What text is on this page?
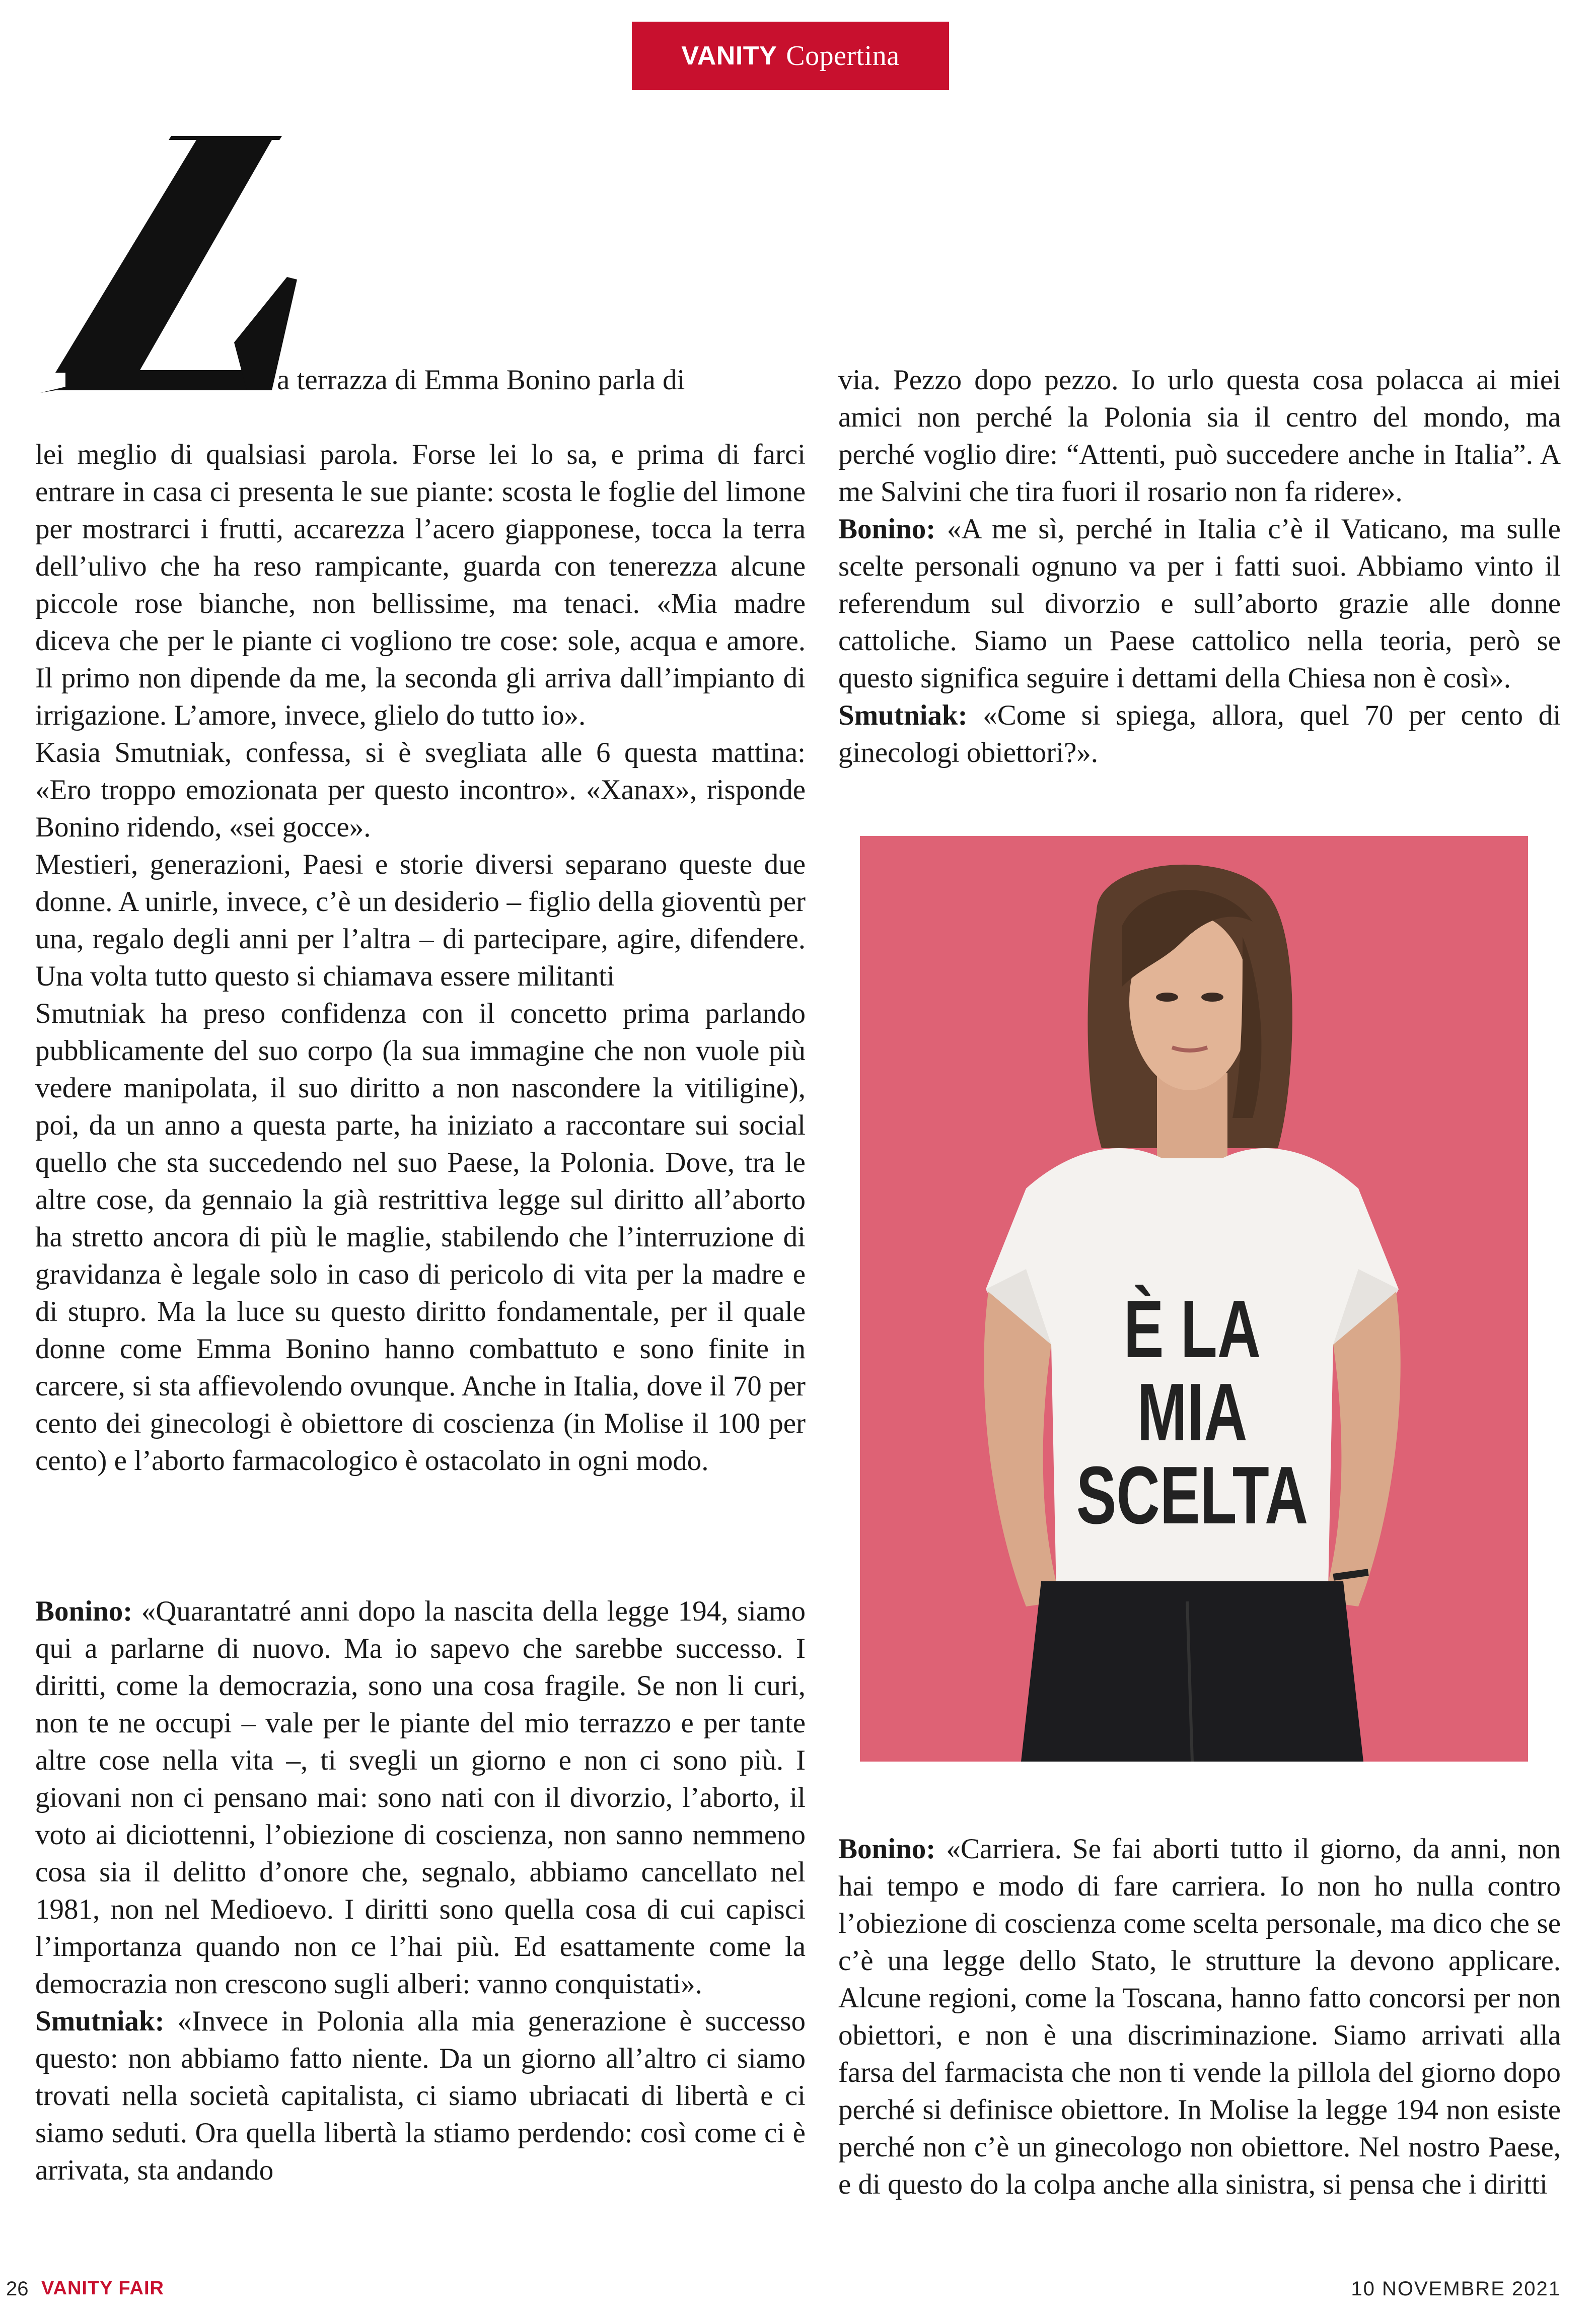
VANITY Copertina

a terrazza di Emma Bonino parla di

lei meglio di qualsiasi parola. Forse lei lo sa, e prima di farci entrare in casa ci presenta le sue piante: scosta le foglie del limone per mostrarci i frutti, accarezza l’acero giapponese, tocca la terra dell’ulivo che ha reso rampicante, guarda con tenerezza alcune piccole rose bianche, non bellissime, ma tenaci. «Mia madre diceva che per le piante ci vogliono tre cose: sole, acqua e amore. Il primo non dipende da me, la seconda gli arriva dall’impianto di irrigazione. L’amore, invece, glielo do tutto io».

Kasia Smutniak, confessa, si è svegliata alle 6 questa mattina: «Ero troppo emozionata per questo incontro». «Xanax», risponde Bonino ridendo, «sei gocce».

Mestieri, generazioni, Paesi e storie diversi separano queste due donne. A unirle, invece, c’è un desiderio – figlio della gioventù per una, regalo degli anni per l’altra – di partecipare, agire, difendere. Una volta tutto questo si chiamava essere militanti

Smutniak ha preso confidenza con il concetto prima parlando pubblicamente del suo corpo (la sua immagine che non vuole più vedere manipolata, il suo diritto a non nascondere la vitiligine), poi, da un anno a questa parte, ha iniziato a raccontare sui social quello che sta succedendo nel suo Paese, la Polonia. Dove, tra le altre cose, da gennaio la già restrittiva legge sul diritto all’aborto ha stretto ancora di più le maglie, stabilendo che l’interruzione di gravidanza è legale solo in caso di pericolo di vita per la madre e di stupro. Ma la luce su questo diritto fondamentale, per il quale donne come Emma Bonino hanno combattuto e sono finite in carcere, si sta affievolendo ovunque. Anche in Italia, dove il 70 per cento dei ginecologi è obiettore di coscienza (in Molise il 100 per cento) e l’aborto farmacologico è ostacolato in ogni modo.

Bonino: «Quarantatré anni dopo la nascita della legge 194, siamo qui a parlarne di nuovo. Ma io sapevo che sarebbe successo. I diritti, come la democrazia, sono una cosa fragile. Se non li curi, non te ne occupi – vale per le piante del mio terrazzo e per tante altre cose nella vita –, ti svegli un giorno e non ci sono più. I giovani non ci pensano mai: sono nati con il divorzio, l’aborto, il voto ai diciottenni, l’obiezione di coscienza, non sanno nemmeno cosa sia il delitto d’onore che, segnalo, abbiamo cancellato nel 1981, non nel Medioevo. I diritti sono quella cosa di cui capisci l’importanza quando non ce l’hai più. Ed esattamente come la democrazia non crescono sugli alberi: vanno conquistati».

Smutniak: «Invece in Polonia alla mia generazione è successo questo: non abbiamo fatto niente. Da un giorno all’altro ci siamo trovati nella società capitalista, ci siamo ubriacati di libertà e ci siamo seduti. Ora quella libertà la stiamo perdendo: così come ci è arrivata, sta andando

via. Pezzo dopo pezzo. Io urlo questa cosa polacca ai miei amici non perché la Polonia sia il centro del mondo, ma perché voglio dire: “Attenti, può succedere anche in Italia”. A me Salvini che tira fuori il rosario non fa ridere».

Bonino: «A me sì, perché in Italia c’è il Vaticano, ma sulle scelte personali ognuno va per i fatti suoi. Abbiamo vinto il referendum sul divorzio e sull’aborto grazie alle donne cattoliche. Siamo un Paese cattolico nella teoria, però se questo significa seguire i dettami della Chiesa non è così».

Smutniak: «Come si spiega, allora, quel 70 per cento di ginecologi obiettori?».

È LA
MIA
SCELTA

Bonino: «Carriera. Se fai aborti tutto il giorno, da anni, non hai tempo e modo di fare carriera. Io non ho nulla contro l’obiezione di coscienza come scelta personale, ma dico che se c’è una legge dello Stato, le strutture la devono applicare. Alcune regioni, come la Toscana, hanno fatto concorsi per non obiettori, e non è una discriminazione. Siamo arrivati alla farsa del farmacista che non ti vende la pillola del giorno dopo perché si definisce obiettore. In Molise la legge 194 non esiste perché non c’è un ginecologo non obiettore. Nel nostro Paese, e di questo do la colpa anche alla sinistra, si pensa che i diritti

26 VANITY FAIR	10 NOVEMBRE 2021
